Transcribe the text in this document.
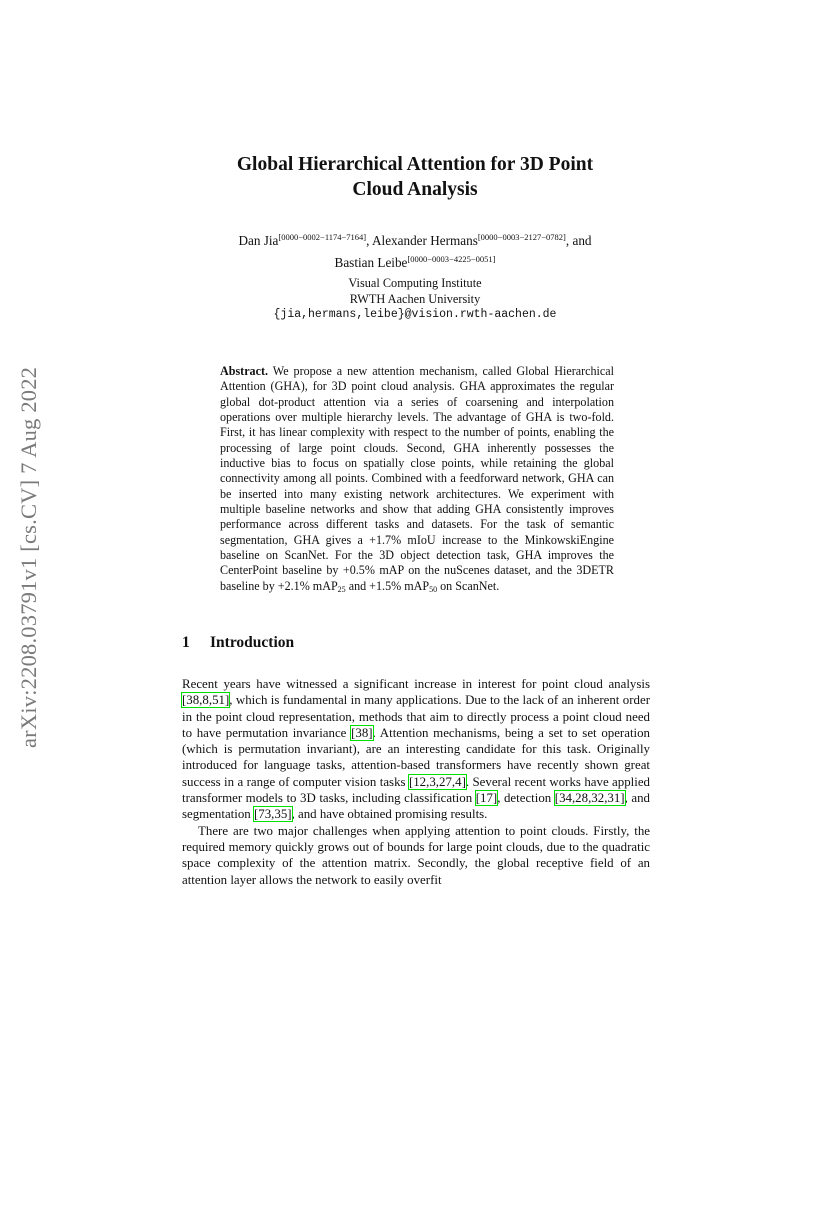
arXiv:2208.03791v1 [cs.CV] 7 Aug 2022
Global Hierarchical Attention for 3D Point
Cloud Analysis
Dan Jia[0000−0002−1174−7164], Alexander Hermans[0000−0003−2127−0782], and
Bastian Leibe[0000−0003−4225−0051]
Visual Computing Institute
RWTH Aachen University
{jia,hermans,leibe}@vision.rwth-aachen.de
Abstract. We propose a new attention mechanism, called Global Hierarchical Attention (GHA), for 3D point cloud analysis. GHA approximates the regular global dot-product attention via a series of coarsening and interpolation operations over multiple hierarchy levels. The advantage of GHA is two-fold. First, it has linear complexity with respect to the number of points, enabling the processing of large point clouds. Second, GHA inherently possesses the inductive bias to focus on spatially close points, while retaining the global connectivity among all points. Combined with a feedforward network, GHA can be inserted into many existing network architectures. We experiment with multiple baseline networks and show that adding GHA consistently improves performance across different tasks and datasets. For the task of semantic segmentation, GHA gives a +1.7% mIoU increase to the MinkowskiEngine baseline on ScanNet. For the 3D object detection task, GHA improves the CenterPoint baseline by +0.5% mAP on the nuScenes dataset, and the 3DETR baseline by +2.1% mAP$_{25}$ and +1.5% mAP$_{50}$ on ScanNet.
1 Introduction

Recent years have witnessed a significant increase in interest for point cloud analysis [38,8,51], which is fundamental in many applications. Due to the lack of an inherent order in the point cloud representation, methods that aim to directly process a point cloud need to have permutation invariance [38]. Attention mechanisms, being a set to set operation (which is permutation invariant), are an interesting candidate for this task. Originally introduced for language tasks, attention-based transformers have recently shown great success in a range of computer vision tasks [12,3,27,4]. Several recent works have applied transformer models to 3D tasks, including classification [17], detection [34,28,32,31], and segmentation [73,35], and have obtained promising results.

There are two major challenges when applying attention to point clouds. Firstly, the required memory quickly grows out of bounds for large point clouds, due to the quadratic space complexity of the attention matrix. Secondly, the global receptive field of an attention layer allows the network to easily overfit
